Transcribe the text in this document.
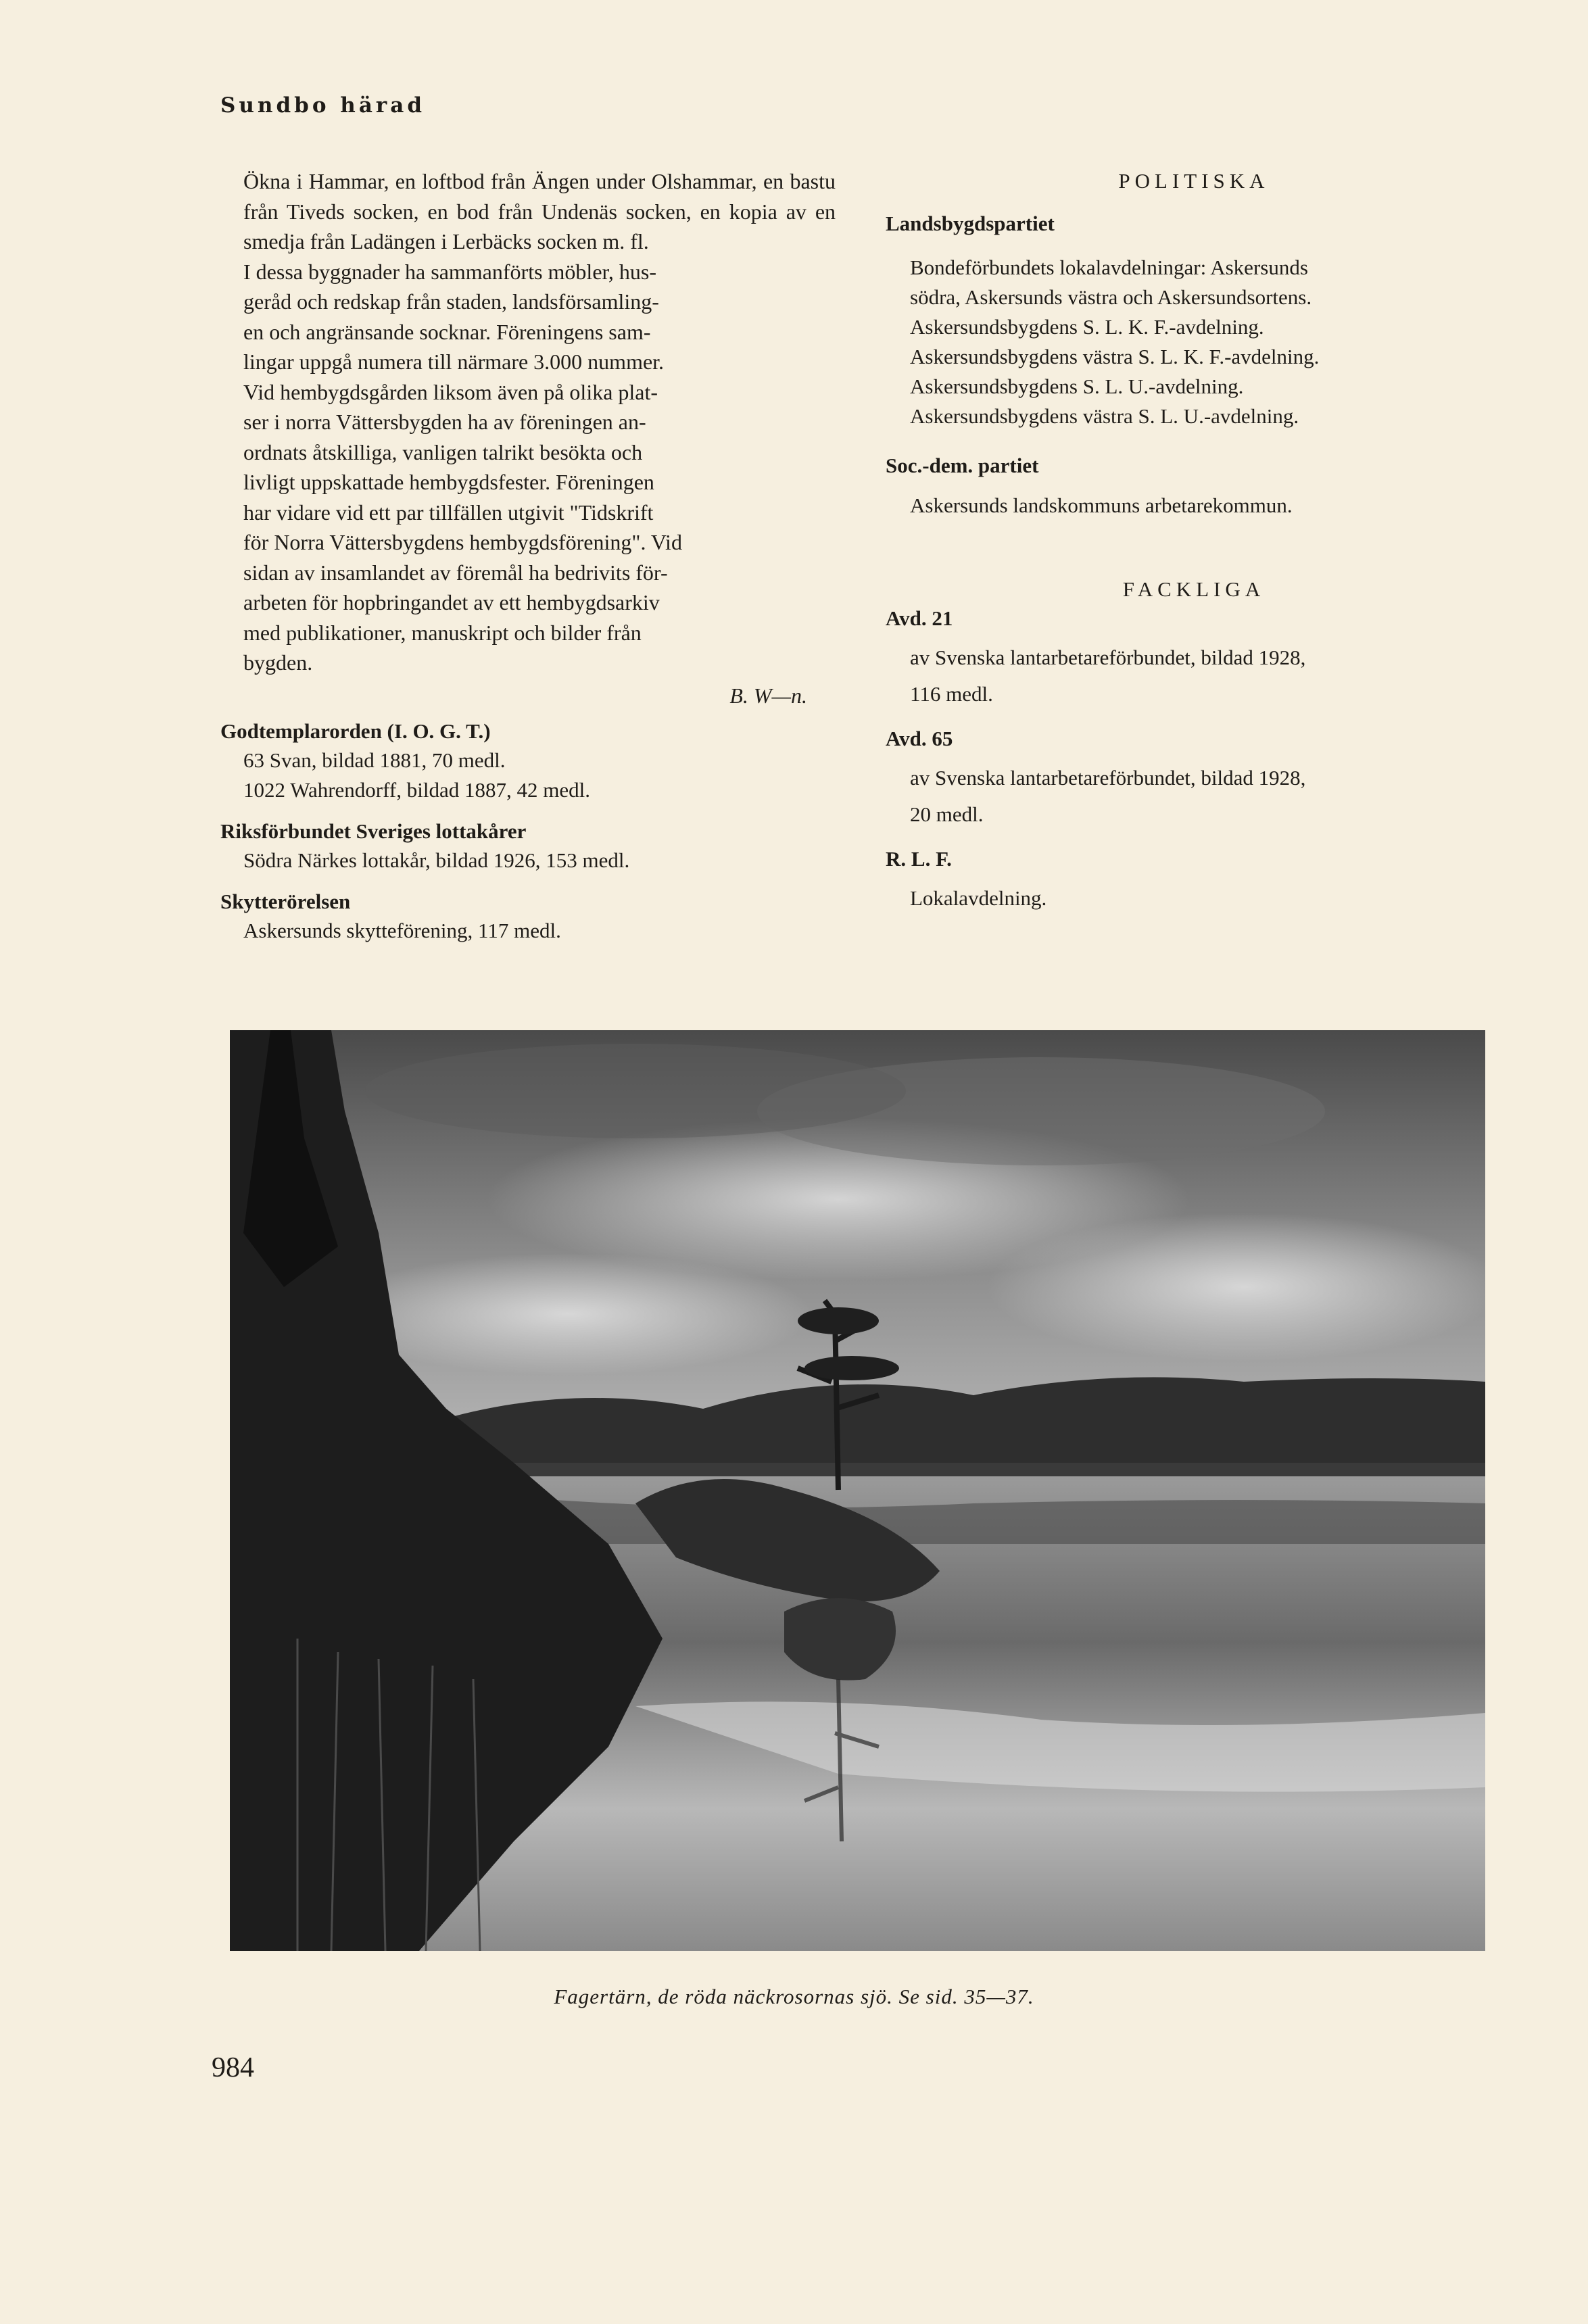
Sundbo härad

Ökna i Hammar, en loftbod från Ängen under Olshammar, en bastu från Tiveds socken, en bod från Undenäs socken, en kopia av en smedja från Ladängen i Lerbäcks socken m. fl.
I dessa byggnader ha sammanförts möbler, hus-
geråd och redskap från staden, landsförsamling-
en och angränsande socknar. Föreningens sam-
lingar uppgå numera till närmare 3.000 nummer.
Vid hembygdsgården liksom även på olika plat-
ser i norra Vättersbygden ha av föreningen an-
ordnats åtskilliga, vanligen talrikt besökta och
livligt uppskattade hembygdsfester. Föreningen
har vidare vid ett par tillfällen utgivit "Tidskrift
för Norra Vättersbygdens hembygdsförening". Vid
sidan av insamlandet av föremål ha bedrivits för-
arbeten för hopbringandet av ett hembygdsarkiv
med publikationer, manuskript och bilder från
bygden.

B. W—n.

Godtemplarorden (I. O. G. T.)

63 Svan, bildad 1881, 70 medl.

1022 Wahrendorff, bildad 1887, 42 medl.

Riksförbundet Sveriges lottakårer

Södra Närkes lottakår, bildad 1926, 153 medl.

Skytterörelsen

Askersunds skytteförening, 117 medl.

POLITISKA

Landsbygdspartiet

Bondeförbundets lokalavdelningar: Askersunds

södra, Askersunds västra och Askersundsortens.

Askersundsbygdens S. L. K. F.-avdelning.

Askersundsbygdens västra S. L. K. F.-avdelning.

Askersundsbygdens S. L. U.-avdelning.

Askersundsbygdens västra S. L. U.-avdelning.

Soc.-dem. partiet

Askersunds landskommuns arbetarekommun.

FACKLIGA

Avd. 21

av Svenska lantarbetareförbundet, bildad 1928,
116 medl.

Avd. 65

av Svenska lantarbetareförbundet, bildad 1928,
20 medl.

R. L. F.

Lokalavdelning.

Fagertärn, de röda näckrosornas sjö. Se sid. 35—37.

984
